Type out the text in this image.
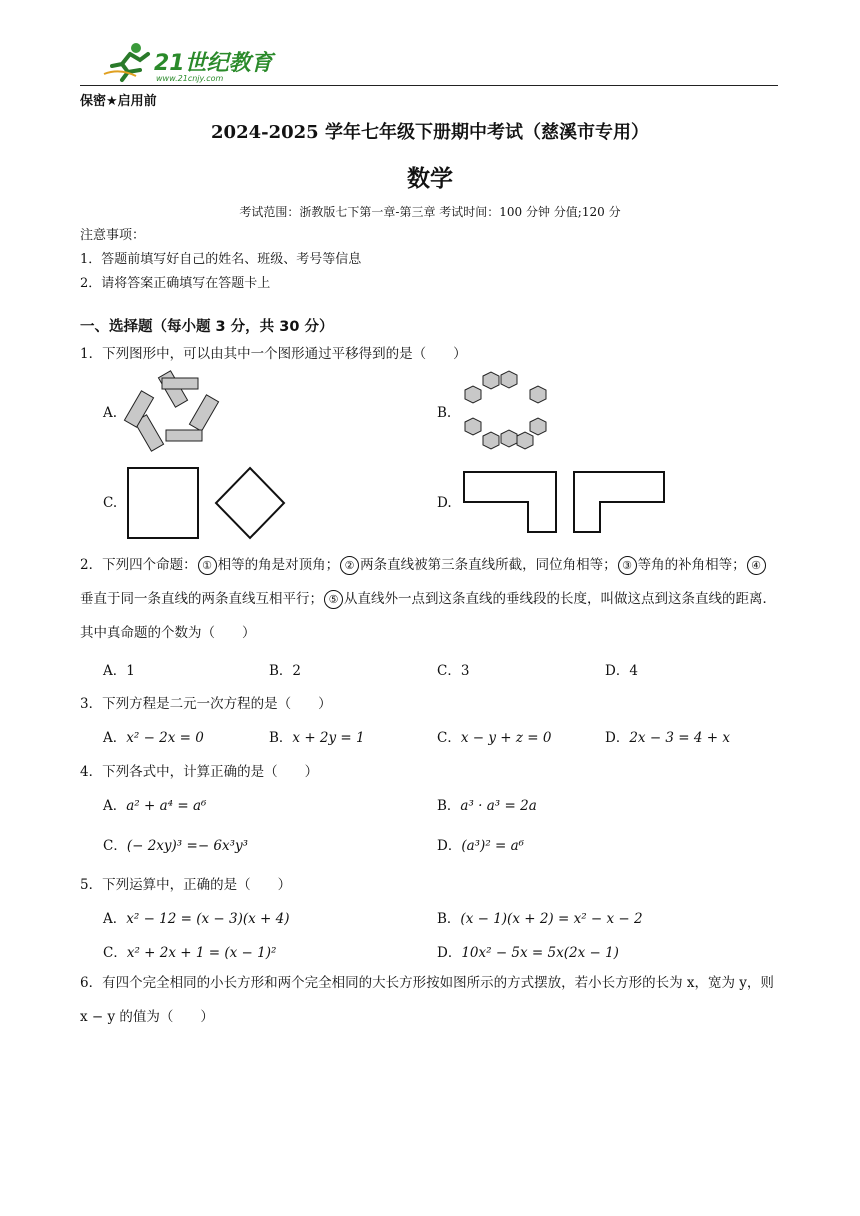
21世纪教育
www.21cnjy.com
保密★启用前
2024-2025 学年七年级下册期中考试（慈溪市专用）
数学
考试范围：浙教版七下第一章-第三章 考试时间：100 分钟 分值;120 分
注意事项：
1．答题前填写好自己的姓名、班级、考号等信息
2．请将答案正确填写在答题卡上
一、选择题（每小题 3 分，共 30 分）
1．下列图形中，可以由其中一个图形通过平移得到的是（　　）
A.	B.
C.	D.
2．下列四个命题： ① 相等的角是对顶角； ② 两条直线被第三条直线所截，同位角相等； ③ 等角的补角相等； ④垂直于同一条直线的两条直线互相平行； ⑤ 从直线外一点到这条直线的垂线段的长度，叫做这点到这条直线的距离．其中真命题的个数为（　　）
A．1	B．2	C．3	D．4
3．下列方程是二元一次方程的是（　　）
A．x² − 2x = 0	B．x + 2y = 1	C．x − y + z = 0	D．2x − 3 = 4 + x
4．下列各式中，计算正确的是（　　）
A．a² + a⁴ = a⁶	B．a³ · a³ = 2a
C．(− 2xy)³ =− 6x³y³	D．(a³)² = a⁶
5．下列运算中，正确的是（　　）
A．x² − 12 = (x − 3)(x + 4)	B．(x − 1)(x + 2) = x² − x − 2
C．x² + 2x + 1 = (x − 1)²	D．10x² − 5x = 5x(2x − 1)
6．有四个完全相同的小长方形和两个完全相同的大长方形按如图所示的方式摆放，若小长方形的长为 x，宽为 y，则 x − y 的值为（　　）
